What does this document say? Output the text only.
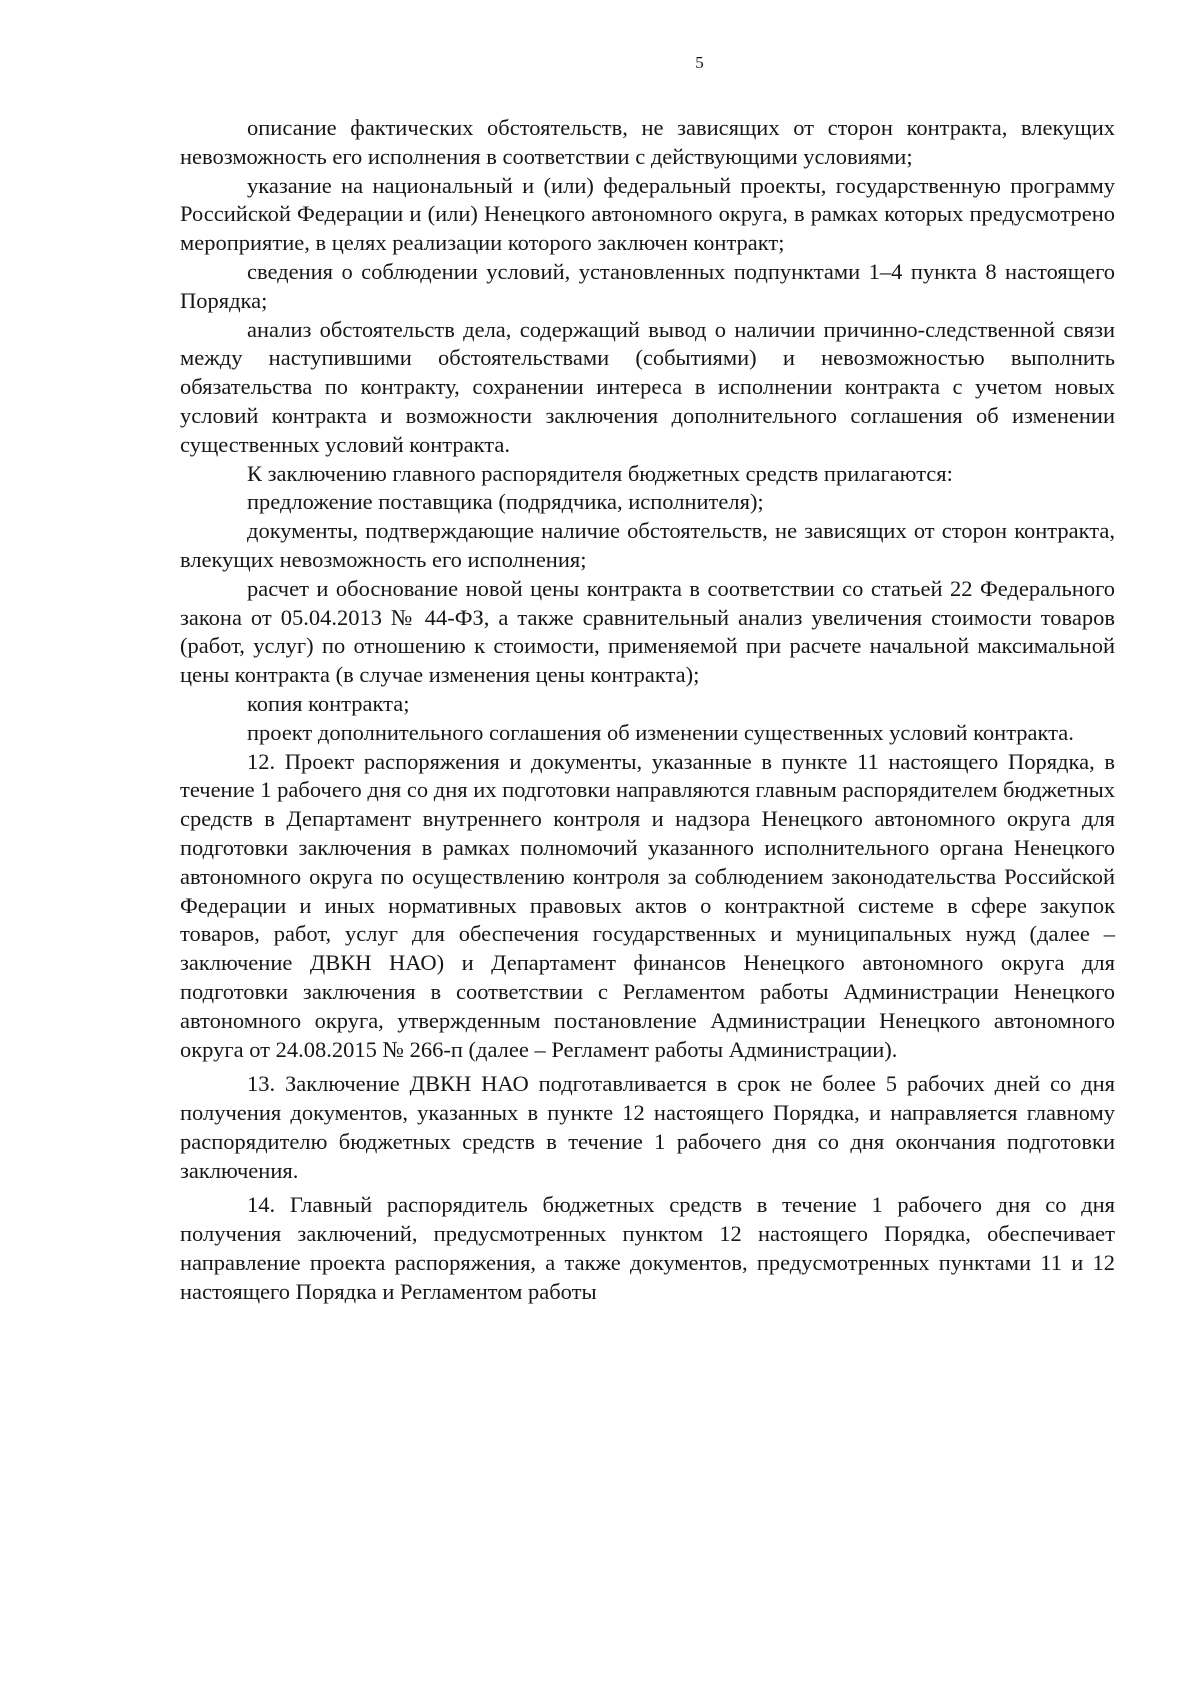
5

описание фактических обстоятельств, не зависящих от сторон контракта, влекущих невозможность его исполнения в соответствии с действующими условиями;

указание на национальный и (или) федеральный проекты, государственную программу Российской Федерации и (или) Ненецкого автономного округа, в рамках которых предусмотрено мероприятие, в целях реализации которого заключен контракт;

сведения о соблюдении условий, установленных подпунктами 1–4 пункта 8 настоящего Порядка;

анализ обстоятельств дела, содержащий вывод о наличии причинно-следственной связи между наступившими обстоятельствами (событиями) и невозможностью выполнить обязательства по контракту, сохранении интереса в исполнении контракта с учетом новых условий контракта и возможности заключения дополнительного соглашения об изменении существенных условий контракта.

К заключению главного распорядителя бюджетных средств прилагаются:

предложение поставщика (подрядчика, исполнителя);

документы, подтверждающие наличие обстоятельств, не зависящих от сторон контракта, влекущих невозможность его исполнения;

расчет и обоснование новой цены контракта в соответствии со статьей 22 Федерального закона от 05.04.2013 № 44-ФЗ, а также сравнительный анализ увеличения стоимости товаров (работ, услуг) по отношению к стоимости, применяемой при расчете начальной максимальной цены контракта (в случае изменения цены контракта);

копия контракта;

проект дополнительного соглашения об изменении существенных условий контракта.

12. Проект распоряжения и документы, указанные в пункте 11 настоящего Порядка, в течение 1 рабочего дня со дня их подготовки направляются главным распорядителем бюджетных средств в Департамент внутреннего контроля и надзора Ненецкого автономного округа для подготовки заключения в рамках полномочий указанного исполнительного органа Ненецкого автономного округа по осуществлению контроля за соблюдением законодательства Российской Федерации и иных нормативных правовых актов о контрактной системе в сфере закупок товаров, работ, услуг для обеспечения государственных и муниципальных нужд (далее – заключение ДВКН НАО) и Департамент финансов Ненецкого автономного округа для подготовки заключения в соответствии с Регламентом работы Администрации Ненецкого автономного округа, утвержденным постановление Администрации Ненецкого автономного округа от 24.08.2015 № 266-п (далее – Регламент работы Администрации).

13. Заключение ДВКН НАО подготавливается в срок не более 5 рабочих дней со дня получения документов, указанных в пункте 12 настоящего Порядка, и направляется главному распорядителю бюджетных средств в течение 1 рабочего дня со дня окончания подготовки заключения.

14. Главный распорядитель бюджетных средств в течение 1 рабочего дня со дня получения заключений, предусмотренных пунктом 12 настоящего Порядка, обеспечивает направление проекта распоряжения, а также документов, предусмотренных пунктами 11 и 12 настоящего Порядка и Регламентом работы
